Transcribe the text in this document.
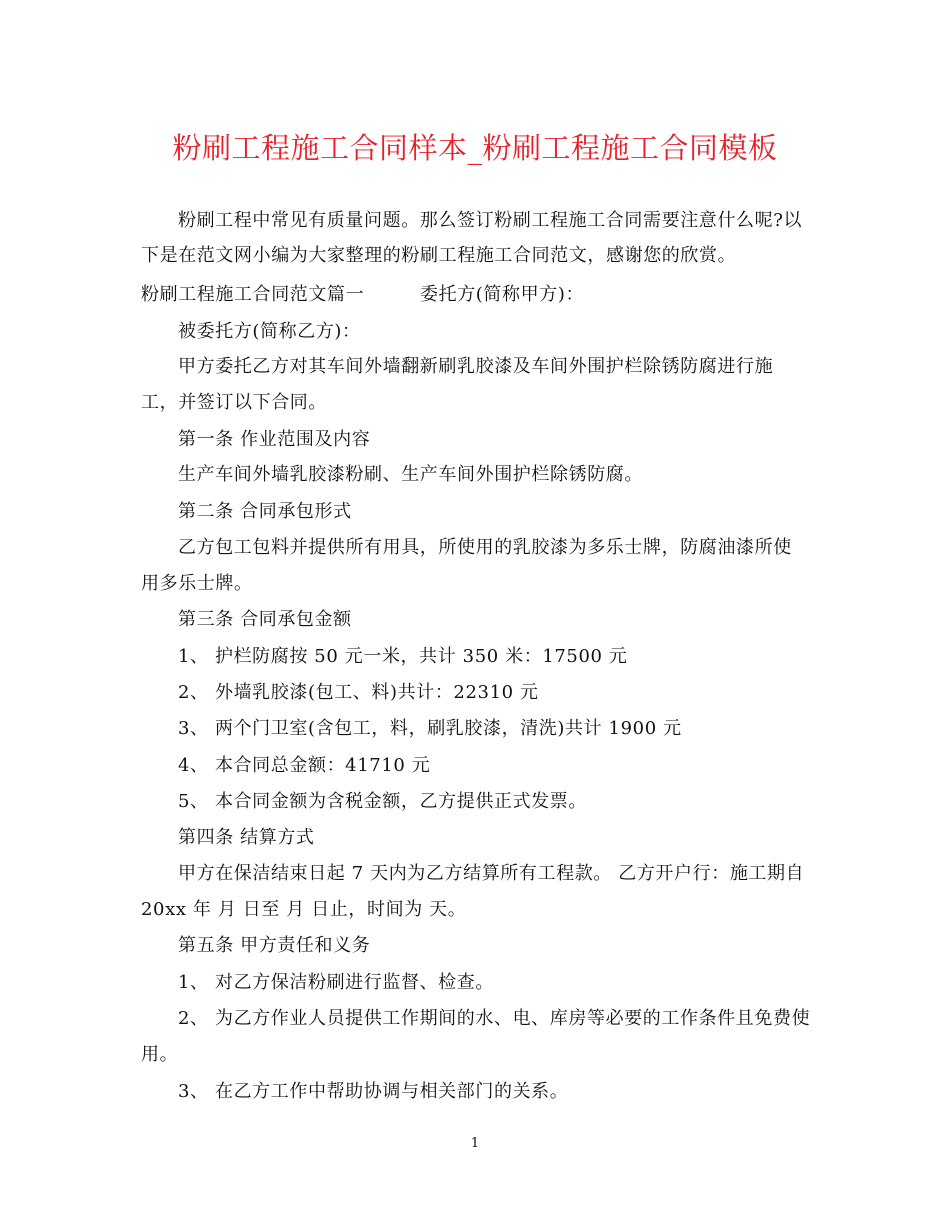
粉刷工程施工合同样本_粉刷工程施工合同模板
粉刷工程中常见有质量问题。那么签订粉刷工程施工合同需要注意什么呢?以
下是在范文网小编为大家整理的粉刷工程施工合同范文，感谢您的欣赏。
粉刷工程施工合同范文篇一　　　委托方(简称甲方)：
被委托方(简称乙方)：
甲方委托乙方对其车间外墙翻新刷乳胶漆及车间外围护栏除锈防腐进行施
工，并签订以下合同。
第一条 作业范围及内容
生产车间外墙乳胶漆粉刷、生产车间外围护栏除锈防腐。
第二条 合同承包形式
乙方包工包料并提供所有用具，所使用的乳胶漆为多乐士牌，防腐油漆所使
用多乐士牌。
第三条 合同承包金额
1、 护栏防腐按 50 元一米，共计 350 米：17500 元
2、 外墙乳胶漆(包工、料)共计：22310 元
3、 两个门卫室(含包工，料，刷乳胶漆，清洗)共计 1900 元
4、 本合同总金额：41710 元
5、 本合同金额为含税金额，乙方提供正式发票。
第四条 结算方式
甲方在保洁结束日起 7 天内为乙方结算所有工程款。 乙方开户行：施工期自
20xx 年 月 日至 月 日止，时间为 天。
第五条 甲方责任和义务
1、 对乙方保洁粉刷进行监督、检查。
2、 为乙方作业人员提供工作期间的水、电、库房等必要的工作条件且免费使
用。
3、 在乙方工作中帮助协调与相关部门的关系。
1
